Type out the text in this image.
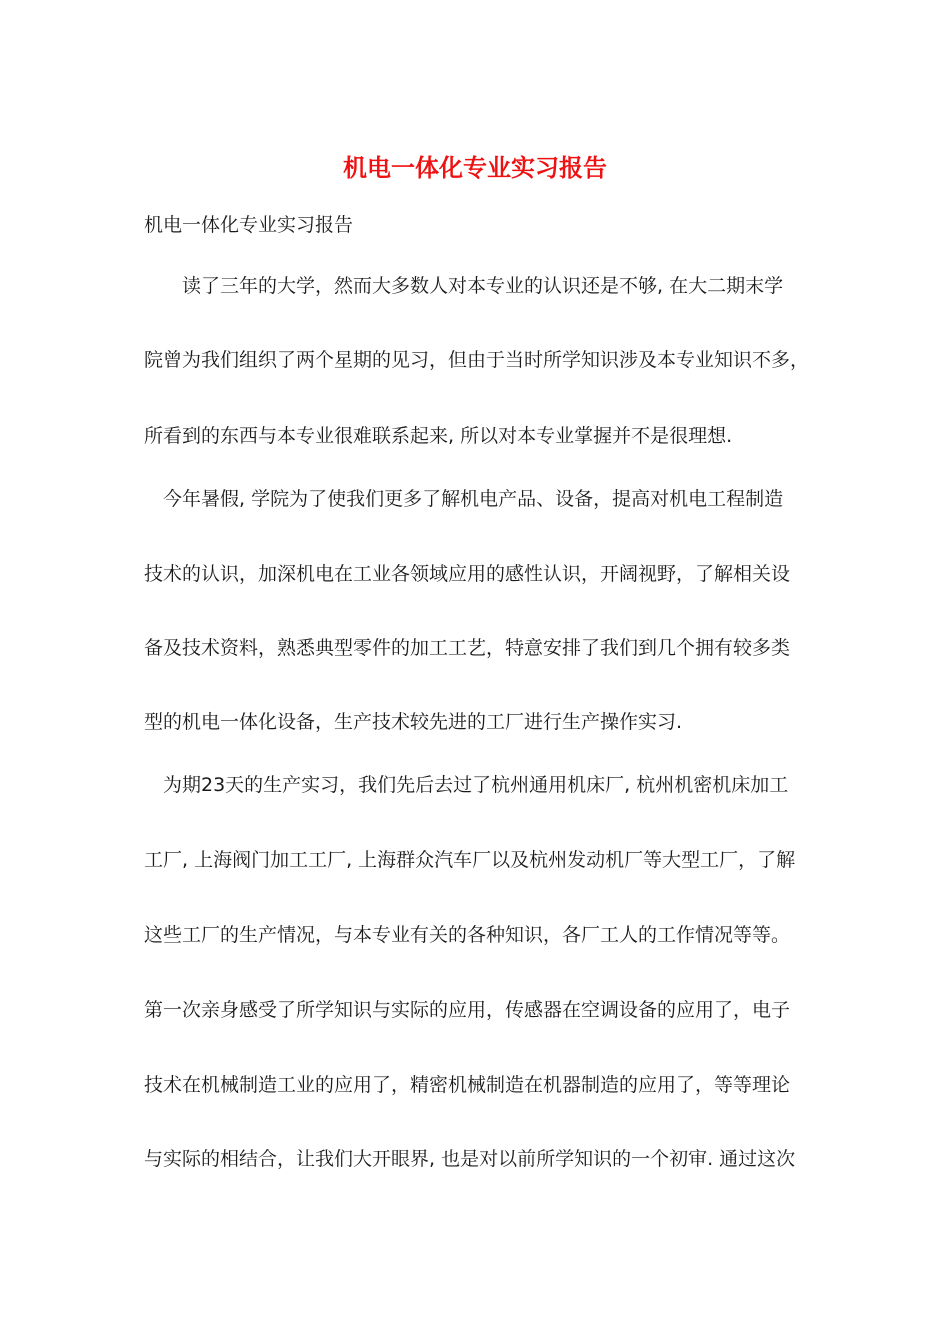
机电一体化专业实习报告
机电一体化专业实习报告
　　读了三年的大学，然而大多数人对本专业的认识还是不够, 在大二期末学
院曾为我们组织了两个星期的见习，但由于当时所学知识涉及本专业知识不多，
所看到的东西与本专业很难联系起来, 所以对本专业掌握并不是很理想.
　今年暑假, 学院为了使我们更多了解机电产品、设备，提高对机电工程制造
技术的认识，加深机电在工业各领域应用的感性认识，开阔视野，了解相关设
备及技术资料，熟悉典型零件的加工工艺，特意安排了我们到几个拥有较多类
型的机电一体化设备，生产技术较先进的工厂进行生产操作实习.
　为期23天的生产实习，我们先后去过了杭州通用机床厂, 杭州机密机床加工
工厂, 上海阀门加工工厂, 上海群众汽车厂以及杭州发动机厂等大型工厂，了解
这些工厂的生产情况，与本专业有关的各种知识，各厂工人的工作情况等等。
第一次亲身感受了所学知识与实际的应用，传感器在空调设备的应用了，电子
技术在机械制造工业的应用了，精密机械制造在机器制造的应用了，等等理论
与实际的相结合，让我们大开眼界, 也是对以前所学知识的一个初审. 通过这次
